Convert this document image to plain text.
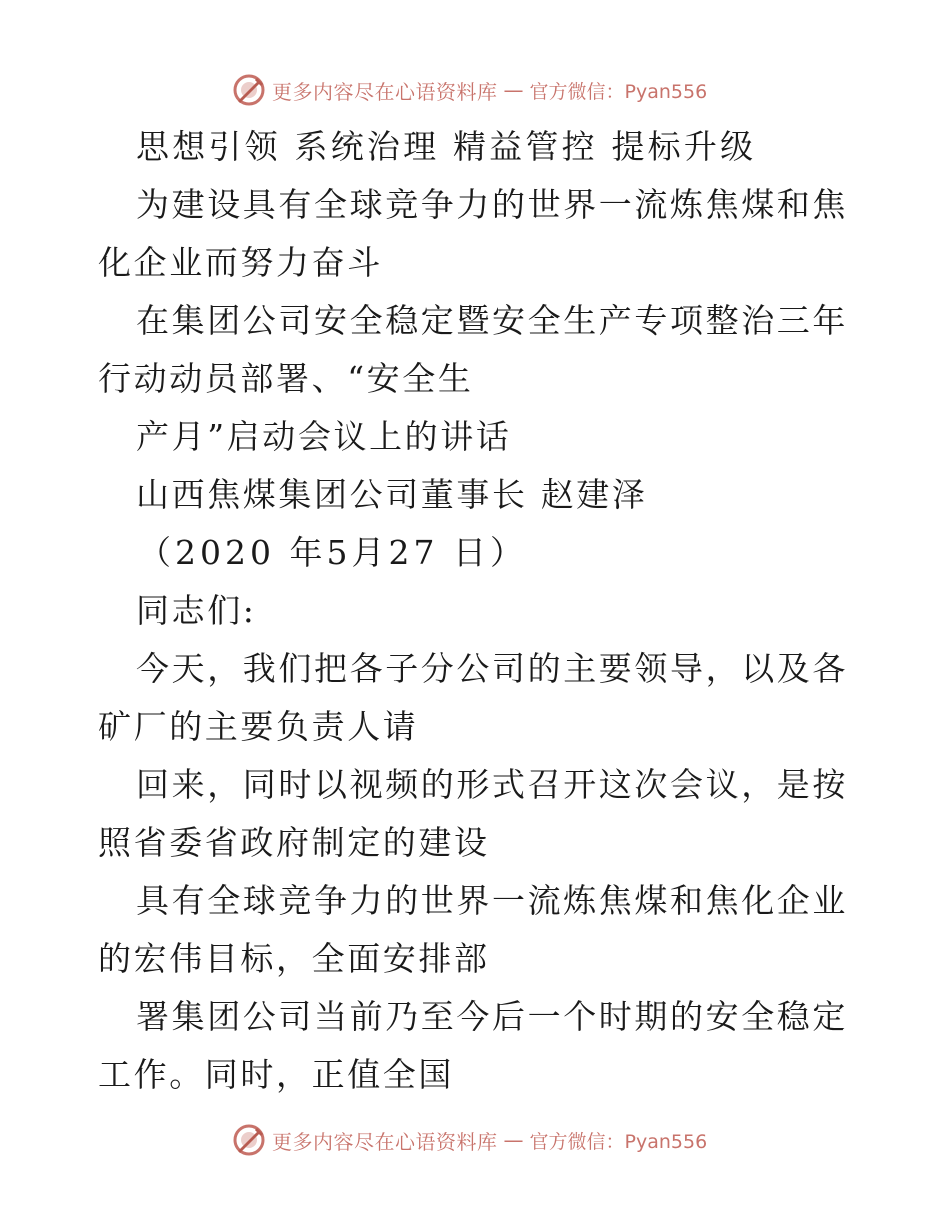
更多内容尽在心语资料库 — 官方微信：Pyan556

思想引领 系统治理 精益管控 提标升级

为建设具有全球竞争力的世界一流炼焦煤和焦化企业而努力奋斗

在集团公司安全稳定暨安全生产专项整治三年行动动员部署、“安全生

产月”启动会议上的讲话

山西焦煤集团公司董事长 赵建泽

（2020 年5月27 日）

同志们:

今天，我们把各子分公司的主要领导，以及各矿厂的主要负责人请

回来，同时以视频的形式召开这次会议，是按照省委省政府制定的建设

具有全球竞争力的世界一流炼焦煤和焦化企业的宏伟目标，全面安排部

署集团公司当前乃至今后一个时期的安全稳定工作。同时，正值全国

更多内容尽在心语资料库 — 官方微信：Pyan556
